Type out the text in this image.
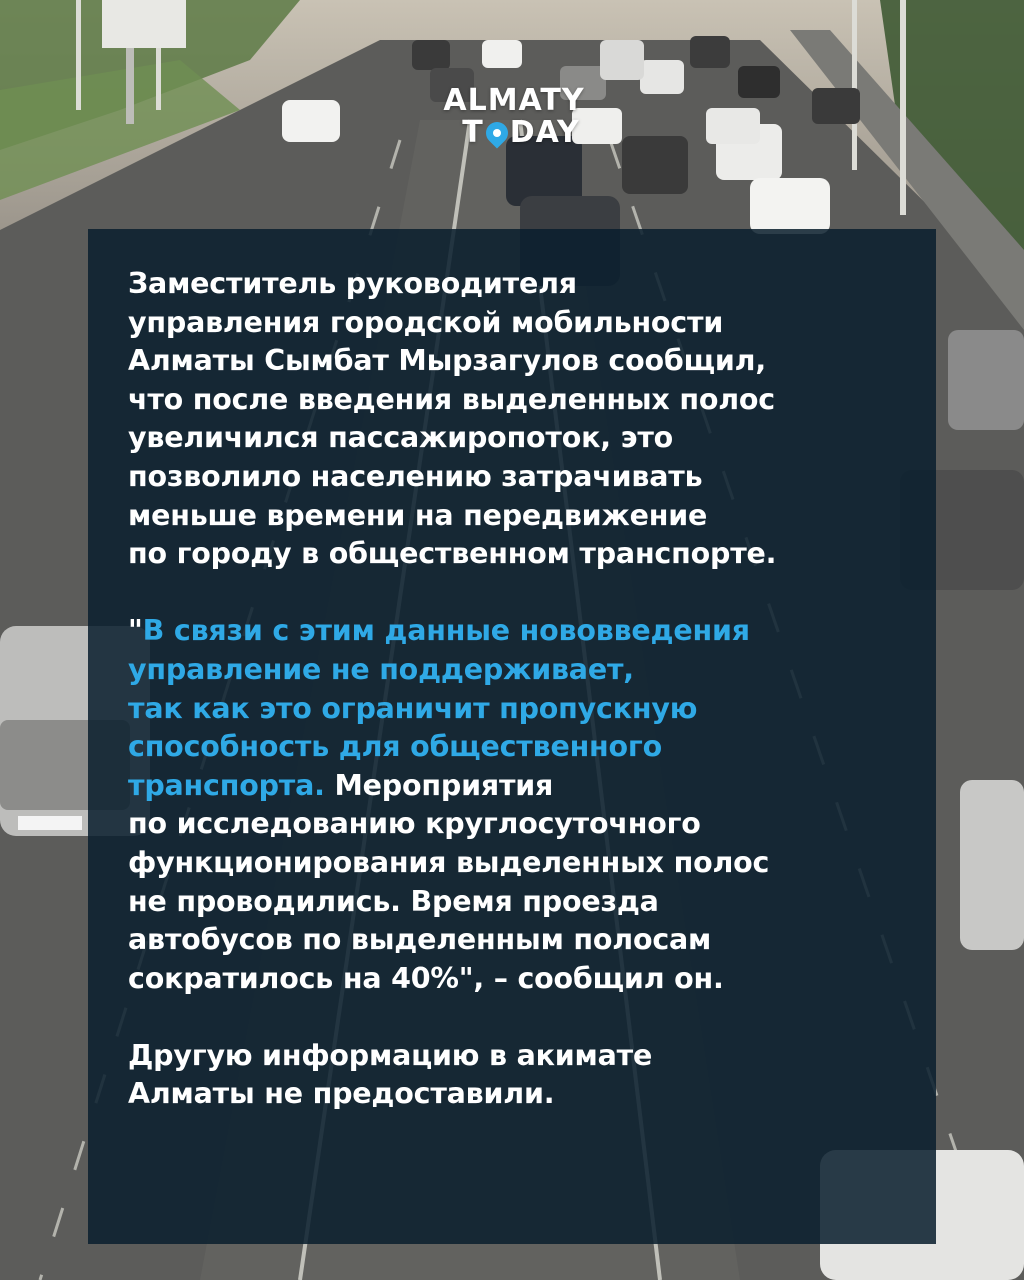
ALMATY
T DAY

Заместитель руководителя
управления городской мобильности
Алматы Сымбат Мырзагулов сообщил,
что после введения выделенных полос
увеличился пассажиропоток, это
позволило населению затрачивать
меньше времени на передвижение
по городу в общественном транспорте.

"В связи с этим данные нововведения
управление не поддерживает,
так как это ограничит пропускную
способность для общественного
транспорта. Мероприятия
по исследованию круглосуточного
функционирования выделенных полос
не проводились. Время проезда
автобусов по выделенным полосам
сократилось на 40%", – сообщил он.

Другую информацию в акимате
Алматы не предоставили.
